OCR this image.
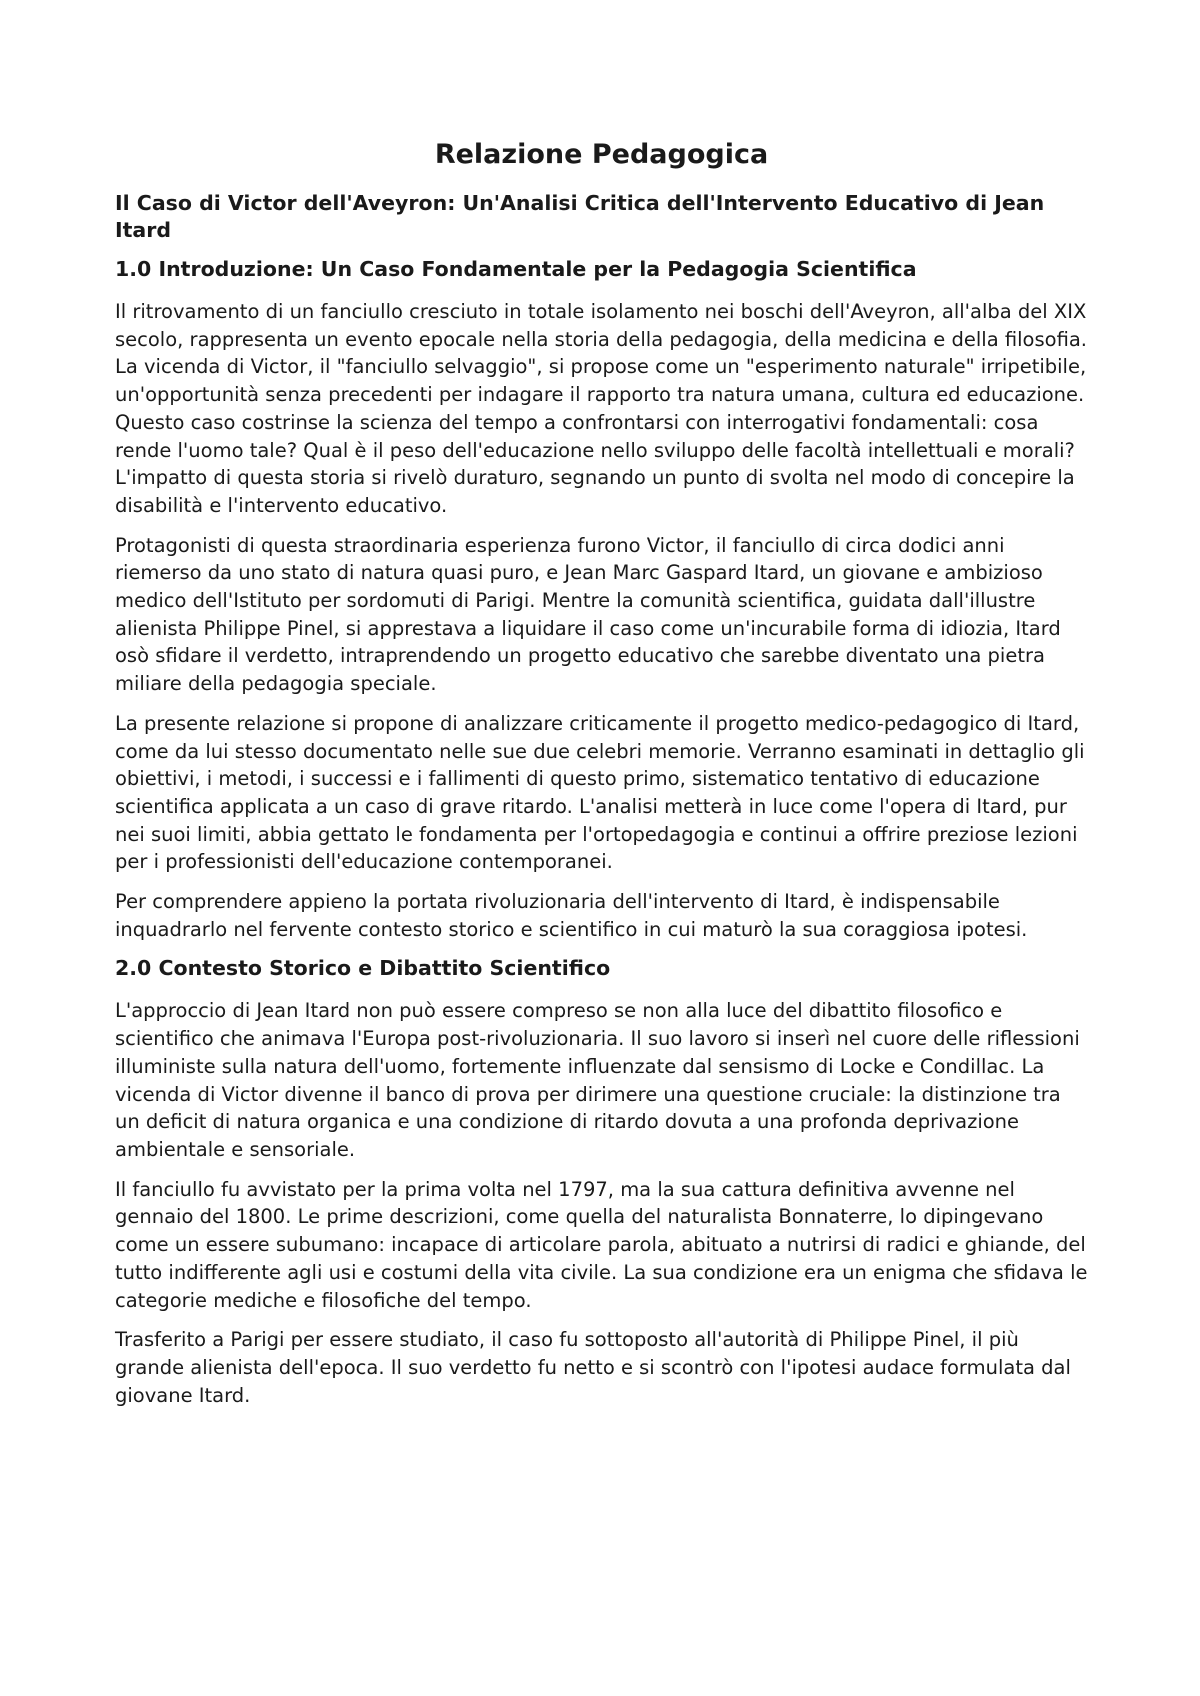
Relazione Pedagogica
Il Caso di Victor dell'Aveyron: Un'Analisi Critica dell'Intervento Educativo di Jean Itard
1.0 Introduzione: Un Caso Fondamentale per la Pedagogia Scientifica

Il ritrovamento di un fanciullo cresciuto in totale isolamento nei boschi dell'Aveyron, all'alba del XIX secolo, rappresenta un evento epocale nella storia della pedagogia, della medicina e della filosofia. La vicenda di Victor, il "fanciullo selvaggio", si propose come un "esperimento naturale" irripetibile, un'opportunità senza precedenti per indagare il rapporto tra natura umana, cultura ed educazione. Questo caso costrinse la scienza del tempo a confrontarsi con interrogativi fondamentali: cosa rende l'uomo tale? Qual è il peso dell'educazione nello sviluppo delle facoltà intellettuali e morali? L'impatto di questa storia si rivelò duraturo, segnando un punto di svolta nel modo di concepire la disabilità e l'intervento educativo.

Protagonisti di questa straordinaria esperienza furono Victor, il fanciullo di circa dodici anni riemerso da uno stato di natura quasi puro, e Jean Marc Gaspard Itard, un giovane e ambizioso medico dell'Istituto per sordomuti di Parigi. Mentre la comunità scientifica, guidata dall'illustre alienista Philippe Pinel, si apprestava a liquidare il caso come un'incurabile forma di idiozia, Itard osò sfidare il verdetto, intraprendendo un progetto educativo che sarebbe diventato una pietra miliare della pedagogia speciale.

La presente relazione si propone di analizzare criticamente il progetto medico-pedagogico di Itard, come da lui stesso documentato nelle sue due celebri memorie. Verranno esaminati in dettaglio gli obiettivi, i metodi, i successi e i fallimenti di questo primo, sistematico tentativo di educazione scientifica applicata a un caso di grave ritardo. L'analisi metterà in luce come l'opera di Itard, pur nei suoi limiti, abbia gettato le fondamenta per l'ortopedagogia e continui a offrire preziose lezioni per i professionisti dell'educazione contemporanei.

Per comprendere appieno la portata rivoluzionaria dell'intervento di Itard, è indispensabile inquadrarlo nel fervente contesto storico e scientifico in cui maturò la sua coraggiosa ipotesi.

2.0 Contesto Storico e Dibattito Scientifico

L'approccio di Jean Itard non può essere compreso se non alla luce del dibattito filosofico e scientifico che animava l'Europa post-rivoluzionaria. Il suo lavoro si inserì nel cuore delle riflessioni illuministe sulla natura dell'uomo, fortemente influenzate dal sensismo di Locke e Condillac. La vicenda di Victor divenne il banco di prova per dirimere una questione cruciale: la distinzione tra un deficit di natura organica e una condizione di ritardo dovuta a una profonda deprivazione ambientale e sensoriale.

Il fanciullo fu avvistato per la prima volta nel 1797, ma la sua cattura definitiva avvenne nel gennaio del 1800. Le prime descrizioni, come quella del naturalista Bonnaterre, lo dipingevano come un essere subumano: incapace di articolare parola, abituato a nutrirsi di radici e ghiande, del tutto indifferente agli usi e costumi della vita civile. La sua condizione era un enigma che sfidava le categorie mediche e filosofiche del tempo.

Trasferito a Parigi per essere studiato, il caso fu sottoposto all'autorità di Philippe Pinel, il più grande alienista dell'epoca. Il suo verdetto fu netto e si scontrò con l'ipotesi audace formulata dal giovane Itard.
